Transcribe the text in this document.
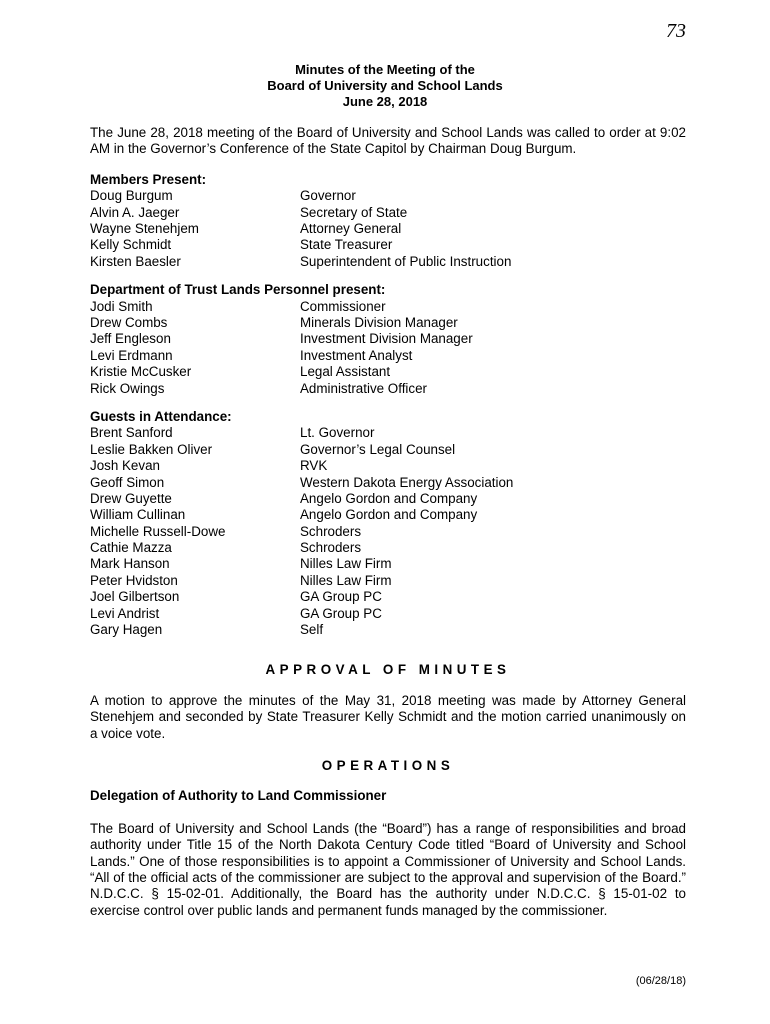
73
Minutes of the Meeting of the
Board of University and School Lands
June 28, 2018

The June 28, 2018 meeting of the Board of University and School Lands was called to order at 9:02 AM in the Governor’s Conference of the State Capitol by Chairman Doug Burgum.

Members Present:
Doug Burgum	Governor
Alvin A. Jaeger	Secretary of State
Wayne Stenehjem	Attorney General
Kelly Schmidt	State Treasurer
Kirsten Baesler	Superintendent of Public Instruction
Department of Trust Lands Personnel present:
Jodi Smith	Commissioner
Drew Combs	Minerals Division Manager
Jeff Engleson	Investment Division Manager
Levi Erdmann	Investment Analyst
Kristie McCusker	Legal Assistant
Rick Owings	Administrative Officer
Guests in Attendance:
Brent Sanford	Lt. Governor
Leslie Bakken Oliver	Governor’s Legal Counsel
Josh Kevan	RVK
Geoff Simon	Western Dakota Energy Association
Drew Guyette	Angelo Gordon and Company
William Cullinan	Angelo Gordon and Company
Michelle Russell-Dowe	Schroders
Cathie Mazza	Schroders
Mark Hanson	Nilles Law Firm
Peter Hvidston	Nilles Law Firm
Joel Gilbertson	GA Group PC
Levi Andrist	GA Group PC
Gary Hagen	Self
APPROVAL OF MINUTES

A motion to approve the minutes of the May 31, 2018 meeting was made by Attorney General Stenehjem and seconded by State Treasurer Kelly Schmidt and the motion carried unanimously on a voice vote.

OPERATIONS
Delegation of Authority to Land Commissioner

The Board of University and School Lands (the “Board”) has a range of responsibilities and broad authority under Title 15 of the North Dakota Century Code titled “Board of University and School Lands.” One of those responsibilities is to appoint a Commissioner of University and School Lands. “All of the official acts of the commissioner are subject to the approval and supervision of the Board.” N.D.C.C. § 15-02-01. Additionally, the Board has the authority under N.D.C.C. § 15-01-02 to exercise control over public lands and permanent funds managed by the commissioner.

(06/28/18)
